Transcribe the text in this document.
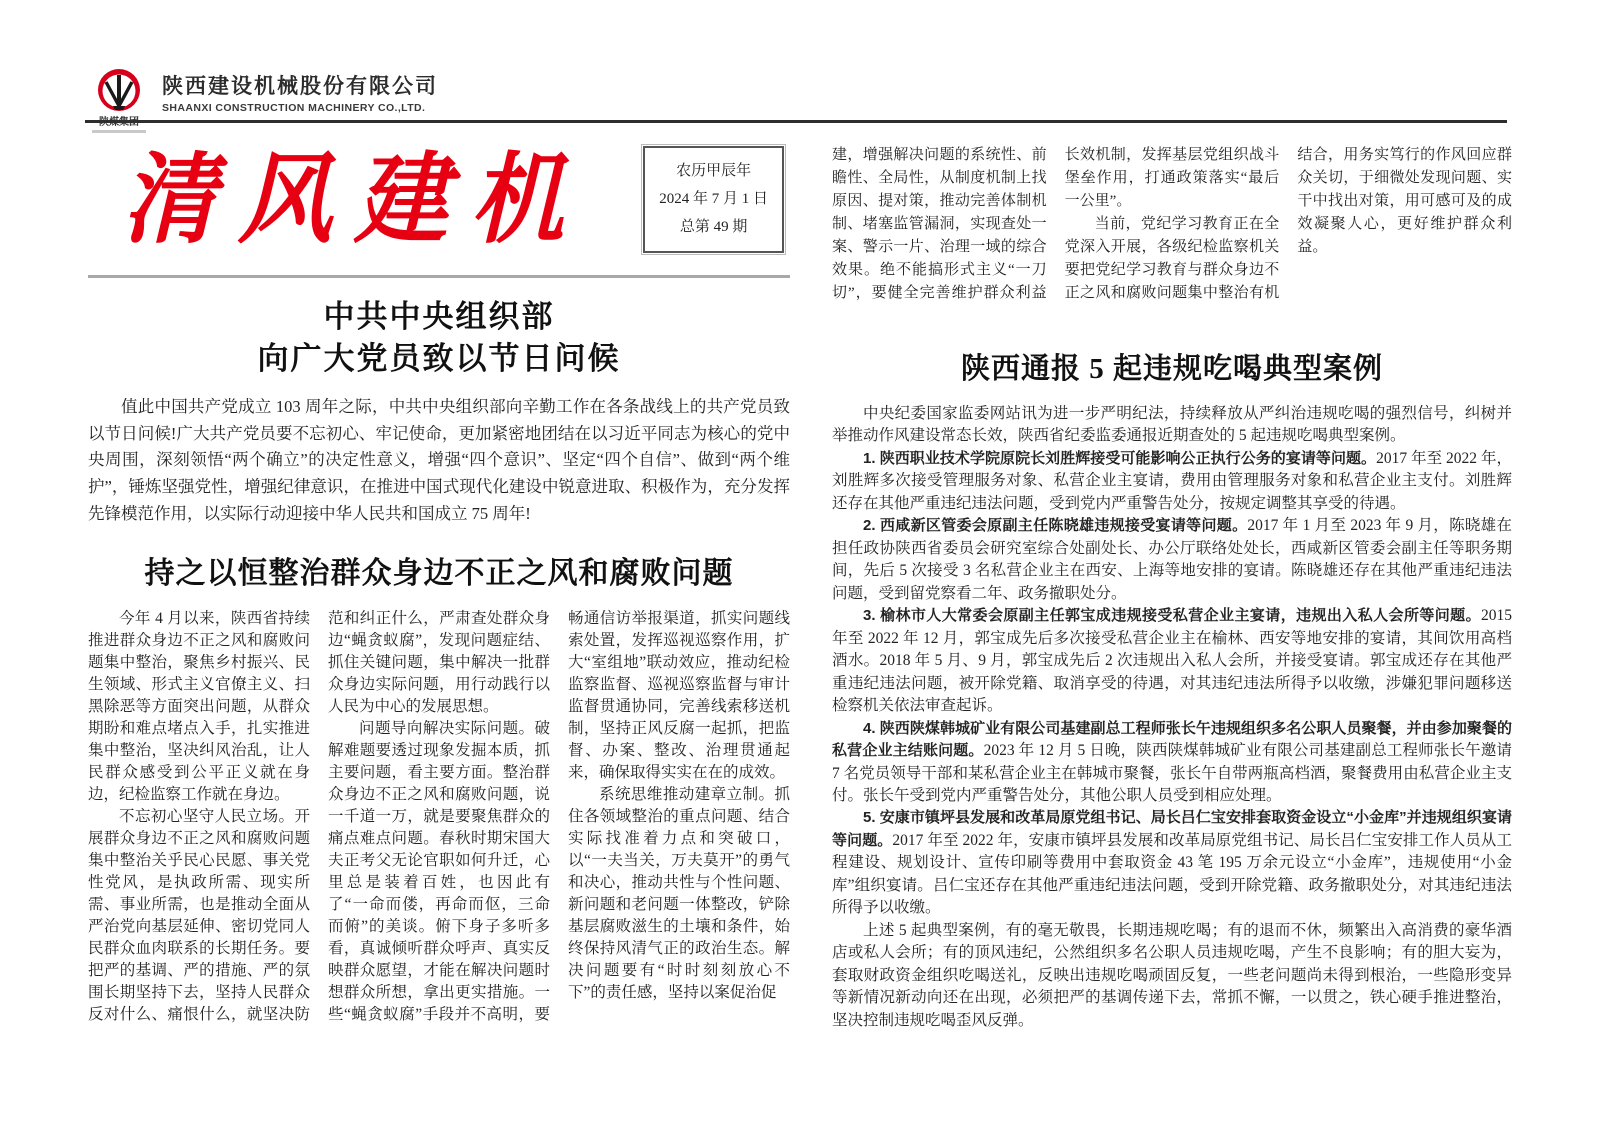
陕煤集团
陕西建设机械股份有限公司
SHAANXI CONSTRUCTION MACHINERY CO.,LTD.
清风建机	农历甲辰年
2024 年 7 月 1 日
总第 49 期
中共中央组织部
向广大党员致以节日问候

值此中国共产党成立 103 周年之际，中共中央组织部向辛勤工作在各条战线上的共产党员致以节日问候!广大共产党员要不忘初心、牢记使命，更加紧密地团结在以习近平同志为核心的党中央周围，深刻领悟“两个确立”的决定性意义，增强“四个意识”、坚定“四个自信”、做到“两个维护”，锤炼坚强党性，增强纪律意识，在推进中国式现代化建设中锐意进取、积极作为，充分发挥先锋模范作用，以实际行动迎接中华人民共和国成立 75 周年!

持之以恒整治群众身边不正之风和腐败问题

今年 4 月以来，陕西省持续推进群众身边不正之风和腐败问题集中整治，聚焦乡村振兴、民生领域、形式主义官僚主义、扫黑除恶等方面突出问题，从群众期盼和难点堵点入手，扎实推进集中整治，坚决纠风治乱，让人民群众感受到公平正义就在身边，纪检监察工作就在身边。

不忘初心坚守人民立场。开展群众身边不正之风和腐败问题集中整治关乎民心民愿、事关党性党风，是执政所需、现实所需、事业所需，也是推动全面从严治党向基层延伸、密切党同人民群众血肉联系的长期任务。要把严的基调、严的措施、严的氛围长期坚持下去，坚持人民群众反对什么、痛恨什么，就坚决防范和纠正什么，严肃查处群众身边“蝇贪蚁腐”，发现问题症结、抓住关键问题，集中解决一批群众身边实际问题，用行动践行以人民为中心的发展思想。

问题导向解决实际问题。破解难题要透过现象发掘本质，抓主要问题，看主要方面。整治群众身边不正之风和腐败问题，说一千道一万，就是要聚焦群众的痛点难点问题。春秋时期宋国大夫正考父无论官职如何升迁，心里总是装着百姓，也因此有了“一命而偻，再命而伛，三命而俯”的美谈。俯下身子多听多看，真诚倾听群众呼声、真实反映群众愿望，才能在解决问题时想群众所想，拿出更实措施。一些“蝇贪蚁腐”手段并不高明，要畅通信访举报渠道，抓实问题线索处置，发挥巡视巡察作用，扩大“室组地”联动效应，推动纪检监察监督、巡视巡察监督与审计监督贯通协同，完善线索移送机制，坚持正风反腐一起抓，把监督、办案、整改、治理贯通起来，确保取得实实在在的成效。

系统思维推动建章立制。抓住各领域整治的重点问题、结合实际找准着力点和突破口，以“一夫当关，万夫莫开”的勇气和决心，推动共性与个性问题、新问题和老问题一体整改，铲除基层腐败滋生的土壤和条件，始终保持风清气正的政治生态。解决问题要有“时时刻刻放心不下”的责任感，坚持以案促治促

建，增强解决问题的系统性、前瞻性、全局性，从制度机制上找原因、提对策，推动完善体制机制、堵塞监管漏洞，实现查处一案、警示一片、治理一域的综合效果。绝不能搞形式主义“一刀切”，要健全完善维护群众利益长效机制，发挥基层党组织战斗堡垒作用，打通政策落实“最后一公里”。

当前，党纪学习教育正在全党深入开展，各级纪检监察机关要把党纪学习教育与群众身边不正之风和腐败问题集中整治有机结合，用务实笃行的作风回应群众关切，于细微处发现问题、实干中找出对策，用可感可及的成效凝聚人心，更好维护群众利益。

陕西通报 5 起违规吃喝典型案例

中央纪委国家监委网站讯为进一步严明纪法，持续释放从严纠治违规吃喝的强烈信号，纠树并举推动作风建设常态长效，陕西省纪委监委通报近期查处的 5 起违规吃喝典型案例。

1. 陕西职业技术学院原院长刘胜辉接受可能影响公正执行公务的宴请等问题。2017 年至 2022 年，刘胜辉多次接受管理服务对象、私营企业主宴请，费用由管理服务对象和私营企业主支付。刘胜辉还存在其他严重违纪违法问题，受到党内严重警告处分，按规定调整其享受的待遇。

2. 西咸新区管委会原副主任陈晓雄违规接受宴请等问题。2017 年 1 月至 2023 年 9 月，陈晓雄在担任政协陕西省委员会研究室综合处副处长、办公厅联络处处长，西咸新区管委会副主任等职务期间，先后 5 次接受 3 名私营企业主在西安、上海等地安排的宴请。陈晓雄还存在其他严重违纪违法问题，受到留党察看二年、政务撤职处分。

3. 榆林市人大常委会原副主任郭宝成违规接受私营企业主宴请，违规出入私人会所等问题。2015 年至 2022 年 12 月，郭宝成先后多次接受私营企业主在榆林、西安等地安排的宴请，其间饮用高档酒水。2018 年 5 月、9 月，郭宝成先后 2 次违规出入私人会所，并接受宴请。郭宝成还存在其他严重违纪违法问题，被开除党籍、取消享受的待遇，对其违纪违法所得予以收缴，涉嫌犯罪问题移送检察机关依法审查起诉。

4. 陕西陕煤韩城矿业有限公司基建副总工程师张长午违规组织多名公职人员聚餐，并由参加聚餐的私营企业主结账问题。2023 年 12 月 5 日晚，陕西陕煤韩城矿业有限公司基建副总工程师张长午邀请 7 名党员领导干部和某私营企业主在韩城市聚餐，张长午自带两瓶高档酒，聚餐费用由私营企业主支付。张长午受到党内严重警告处分，其他公职人员受到相应处理。

5. 安康市镇坪县发展和改革局原党组书记、局长吕仁宝安排套取资金设立“小金库”并违规组织宴请等问题。2017 年至 2022 年，安康市镇坪县发展和改革局原党组书记、局长吕仁宝安排工作人员从工程建设、规划设计、宣传印刷等费用中套取资金 43 笔 195 万余元设立“小金库”，违规使用“小金库”组织宴请。吕仁宝还存在其他严重违纪违法问题，受到开除党籍、政务撤职处分，对其违纪违法所得予以收缴。

上述 5 起典型案例，有的毫无敬畏，长期违规吃喝；有的退而不休，频繁出入高消费的豪华酒店或私人会所；有的顶风违纪，公然组织多名公职人员违规吃喝，产生不良影响；有的胆大妄为，套取财政资金组织吃喝送礼，反映出违规吃喝顽固反复，一些老问题尚未得到根治，一些隐形变异等新情况新动向还在出现，必须把严的基调传递下去，常抓不懈，一以贯之，铁心硬手推进整治，坚决控制违规吃喝歪风反弹。
